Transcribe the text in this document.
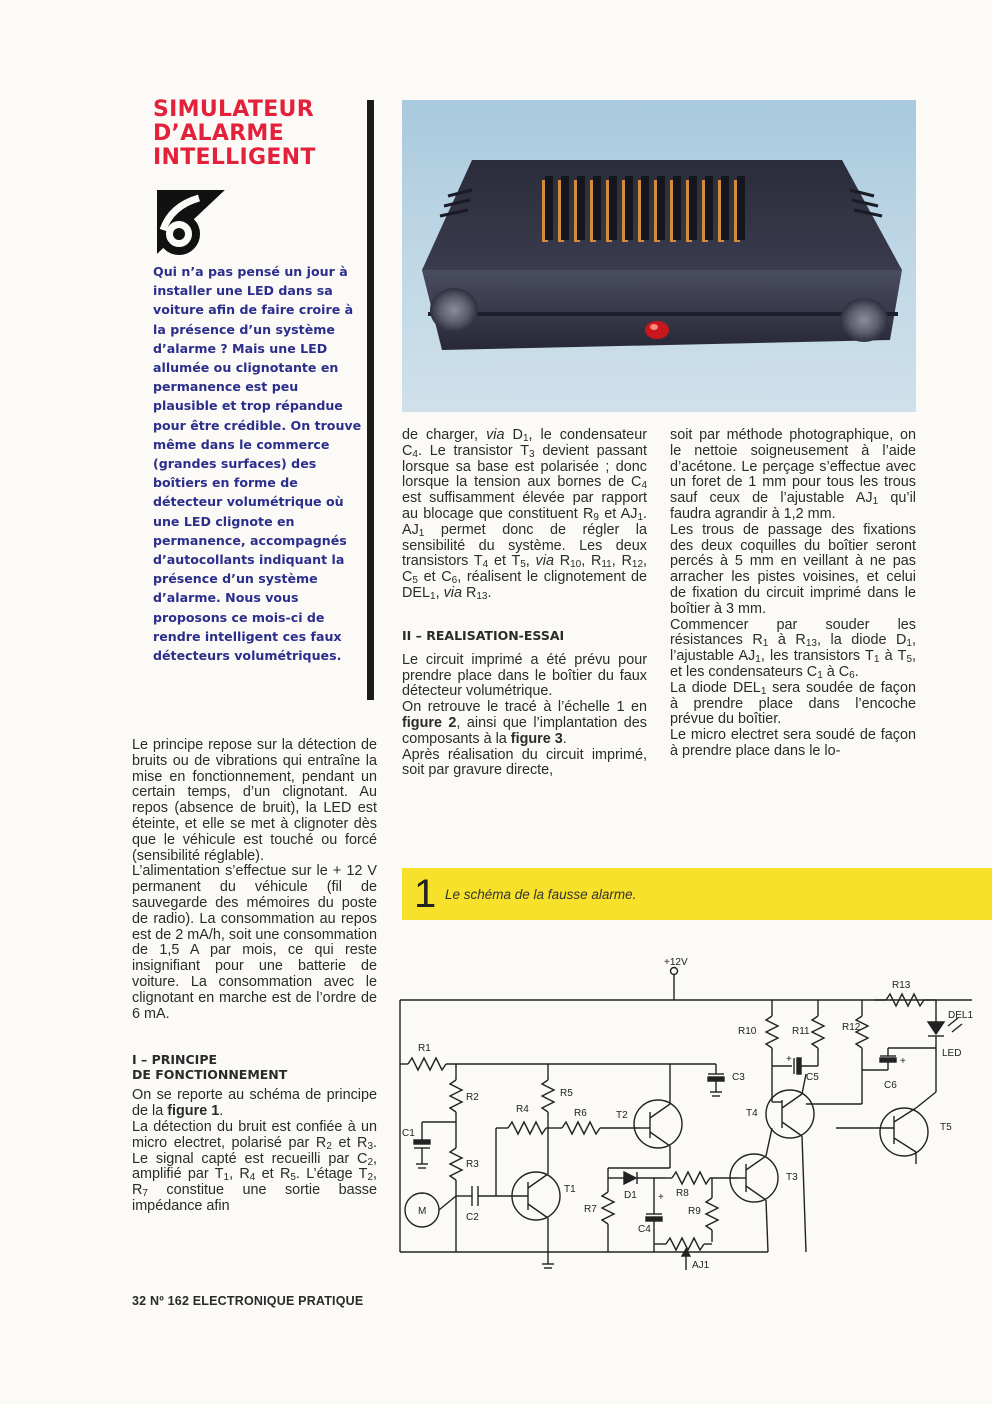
SIMULATEUR
D’ALARME
INTELLIGENT
6

Qui n’a pas pensé un jour à installer une LED dans sa voiture afin de faire croire à la présence d’un système d’alarme ? Mais une LED allumée ou clignotante en permanence est peu plausible et trop répandue pour être crédible. On trouve même dans le commerce (grandes surfaces) des boîtiers en forme de détecteur volumétrique où une LED clignote en permanence, accompagnés d’autocollants indiquant la présence d’un système d’alarme. Nous vous proposons ce mois-ci de rendre intelligent ces faux détecteurs volumétriques.

Le principe repose sur la détection de bruits ou de vibrations qui entraîne la mise en fonctionnement, pendant un certain temps, d’un clignotant. Au repos (absence de bruit), la LED est éteinte, et elle se met à clignoter dès que le véhicule est touché ou forcé (sensibilité réglable).

L’alimentation s’effectue sur le + 12 V permanent du véhicule (fil de sauvegarde des mémoires du poste de radio). La consommation au repos est de 2 mA/h, soit une consommation de 1,5 A par mois, ce qui reste insignifiant pour une batterie de voiture. La consommation avec le clignotant en marche est de l’ordre de 6 mA.

I – PRINCIPE
DE FONCTIONNEMENT

On se reporte au schéma de principe de la figure 1.

La détection du bruit est confiée à un micro electret, polarisé par $R_2$ et $R_3$. Le signal capté est recueilli par $C_2$, amplifié par $T_1$, $R_4$ et $R_5$. L’étage $T_2$, $R_7$ constitue une sortie basse impédance afin

de charger, via $D_1$, le condensateur $C_4$. Le transistor $T_3$ devient passant lorsque sa base est polarisée ; donc lorsque la tension aux bornes de $C_4$ est suffisamment élevée par rapport au blocage que constituent $R_9$ et $AJ_1$. $AJ_1$ permet donc de régler la sensibilité du système. Les deux transistors $T_4$ et $T_5$, via $R_{10}$, $R_{11}$, $R_{12}$, $C_5$ et $C_6$, réalisent le clignotement de $DEL_1$, via $R_{13}$.

II – REALISATION-ESSAI

Le circuit imprimé a été prévu pour prendre place dans le boîtier du faux détecteur volumétrique.

On retrouve le tracé à l’échelle 1 en figure 2, ainsi que l’implantation des composants à la figure 3.

Après réalisation du circuit imprimé, soit par gravure directe,

soit par méthode photographique, on le nettoie soigneusement à l’aide d’acétone. Le perçage s’effectue avec un foret de 1 mm pour tous les trous sauf ceux de l’ajustable $AJ_1$ qu’il faudra agrandir à 1,2 mm.

Les trous de passage des fixations des deux coquilles du boîtier seront percés à 5 mm en veillant à ne pas arracher les pistes voisines, et celui de fixation du circuit imprimé dans le boîtier à 3 mm.

Commencer par souder les résistances $R_1$ à $R_{13}$, la diode $D_1$, l’ajustable $AJ_1$, les transistors $T_1$ à $T_5$, et les condensateurs $C_1$ à $C_6$.

La diode $DEL_1$ sera soudée de façon à prendre place dans l’encoche prévue du boîtier.

Le micro electret sera soudé de façon à prendre place dans le lo-

1 Le schéma de la fausse alarme.
+12V
R1
C3
R2
R3
C1
M
C2
T1
R5
R4	R6	T2
R7
D1 +
C4
R8
R9
AJ1
T3
R10
+
C5
R11
T4
R12
+
C6
T5
R13
DEL1
LED
32 Nº 162 ELECTRONIQUE PRATIQUE
